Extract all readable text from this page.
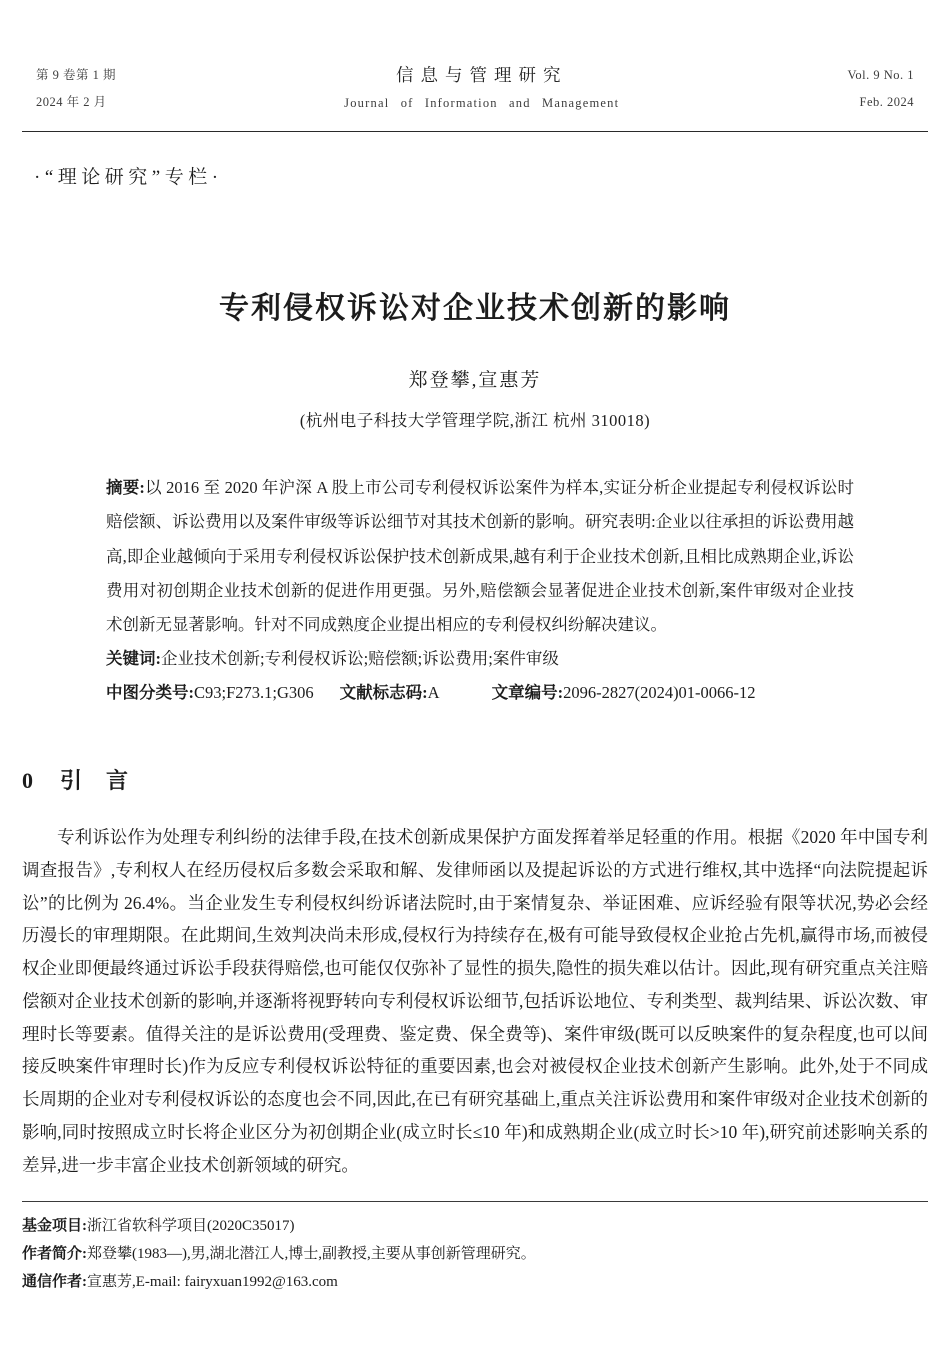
第 9 卷第 1 期
2024 年 2 月
信息与管理研究
Journal of Information and Management
Vol. 9 No. 1
Feb. 2024
·“理论研究”专栏·
专利侵权诉讼对企业技术创新的影响
郑登攀,宣惠芳
(杭州电子科技大学管理学院,浙江 杭州 310018)

摘要:以 2016 至 2020 年沪深 A 股上市公司专利侵权诉讼案件为样本,实证分析企业提起专利侵权诉讼时赔偿额、诉讼费用以及案件审级等诉讼细节对其技术创新的影响。研究表明:企业以往承担的诉讼费用越高,即企业越倾向于采用专利侵权诉讼保护技术创新成果,越有利于企业技术创新,且相比成熟期企业,诉讼费用对初创期企业技术创新的促进作用更强。另外,赔偿额会显著促进企业技术创新,案件审级对企业技术创新无显著影响。针对不同成熟度企业提出相应的专利侵权纠纷解决建议。

关键词:企业技术创新;专利侵权诉讼;赔偿额;诉讼费用;案件审级

中图分类号:C93;F273.1;G306 文献标志码:A	文章编号:2096-2827(2024)01-0066-12

0 引　言

专利诉讼作为处理专利纠纷的法律手段,在技术创新成果保护方面发挥着举足轻重的作用。根据《2020 年中国专利调查报告》,专利权人在经历侵权后多数会采取和解、发律师函以及提起诉讼的方式进行维权,其中选择“向法院提起诉讼”的比例为 26.4%。当企业发生专利侵权纠纷诉诸法院时,由于案情复杂、举证困难、应诉经验有限等状况,势必会经历漫长的审理期限。在此期间,生效判决尚未形成,侵权行为持续存在,极有可能导致侵权企业抢占先机,赢得市场,而被侵权企业即便最终通过诉讼手段获得赔偿,也可能仅仅弥补了显性的损失,隐性的损失难以估计。因此,现有研究重点关注赔偿额对企业技术创新的影响,并逐渐将视野转向专利侵权诉讼细节,包括诉讼地位、专利类型、裁判结果、诉讼次数、审理时长等要素。值得关注的是诉讼费用(受理费、鉴定费、保全费等)、案件审级(既可以反映案件的复杂程度,也可以间接反映案件审理时长)作为反应专利侵权诉讼特征的重要因素,也会对被侵权企业技术创新产生影响。此外,处于不同成长周期的企业对专利侵权诉讼的态度也会不同,因此,在已有研究基础上,重点关注诉讼费用和案件审级对企业技术创新的影响,同时按照成立时长将企业区分为初创期企业(成立时长≤10 年)和成熟期企业(成立时长>10 年),研究前述影响关系的差异,进一步丰富企业技术创新领域的研究。

基金项目:浙江省软科学项目(2020C35017)

作者简介:郑登攀(1983—),男,湖北潜江人,博士,副教授,主要从事创新管理研究。

通信作者:宣惠芳,E-mail: fairyxuan1992@163.com
